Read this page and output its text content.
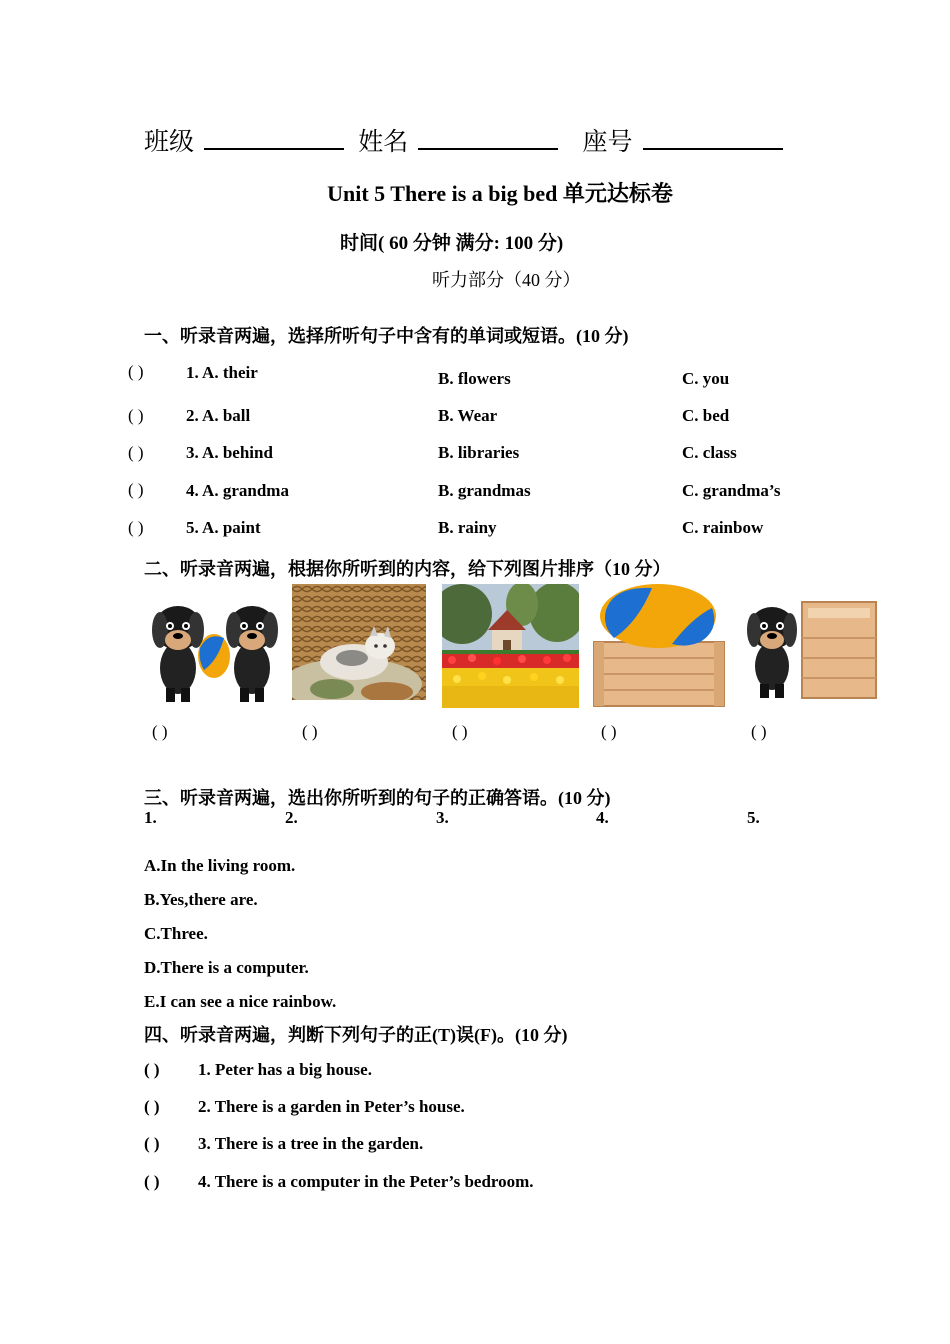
班级	姓名	座号
Unit 5 There is a big bed 单元达标卷
时间( 60 分钟 满分: 100 分)
听力部分（40 分）
一、听录音两遍，选择所听句子中含有的单词或短语。(10 分)
( ) 1. A. their	B. flowers	C. you
( ) 2. A. ball	B. Wear	C. bed
( ) 3. A. behind	B. libraries	C. class
( ) 4. A. grandma	B. grandmas	C. grandma’s
( ) 5. A. paint	B. rainy	C. rainbow
二、听录音两遍，根据你所听到的内容，给下列图片排序（10 分）
( )	( )	( )	( )	( )
三、听录音两遍，选出你所听到的句子的正确答语。(10 分)
1.	2.	3.	4.	5.
A.In the living room.
B.Yes,there are.
C.Three.
D.There is a computer.
E.I can see a nice rainbow.
四、听录音两遍，判断下列句子的正(T)误(F)。(10 分)
( ) 1. Peter has a big house.
( ) 2. There is a garden in Peter’s house.
( ) 3. There is a tree in the garden.
( ) 4. There is a computer in the Peter’s bedroom.
